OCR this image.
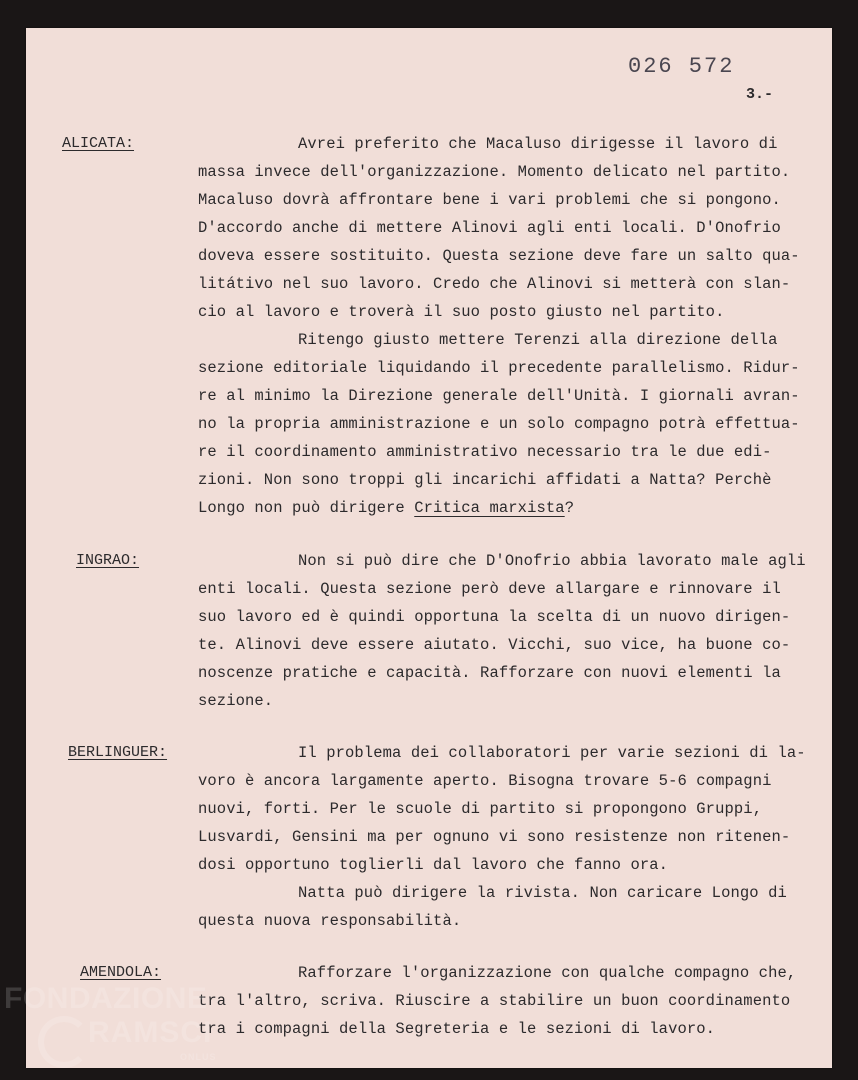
026 572
3.-
ALICATA:	Avrei preferito che Macaluso dirigesse il lavoro di
massa invece dell'organizzazione. Momento delicato nel partito.
Macaluso dovrà affrontare bene i vari problemi che si pongono.
D'accordo anche di mettere Alinovi agli enti locali. D'Onofrio
doveva essere sostituito. Questa sezione deve fare un salto qua-
litátivo nel suo lavoro. Credo che Alinovi si metterà con slan-
cio al lavoro e troverà il suo posto giusto nel partito.
Ritengo giusto mettere Terenzi alla direzione della
sezione editoriale liquidando il precedente parallelismo. Ridur-
re al minimo la Direzione generale dell'Unità. I giornali avran-
no la propria amministrazione e un solo compagno potrà effettua-
re il coordinamento amministrativo necessario tra le due edi-
zioni. Non sono troppi gli incarichi affidati a Natta? Perchè
Longo non può dirigere Critica marxista?
INGRAO:	Non si può dire che D'Onofrio abbia lavorato male agli
enti locali. Questa sezione però deve allargare e rinnovare il
suo lavoro ed è quindi opportuna la scelta di un nuovo dirigen-
te. Alinovi deve essere aiutato. Vicchi, suo vice, ha buone co-
noscenze pratiche e capacità. Rafforzare con nuovi elementi la
sezione.
BERLINGUER:	Il problema dei collaboratori per varie sezioni di la-
voro è ancora largamente aperto. Bisogna trovare 5-6 compagni
nuovi, forti. Per le scuole di partito si propongono Gruppi,
Lusvardi, Gensini ma per ognuno vi sono resistenze non ritenen-
dosi opportuno toglierli dal lavoro che fanno ora.
Natta può dirigere la rivista. Non caricare Longo di
questa nuova responsabilità.
AMENDOLA:	Rafforzare l'organizzazione con qualche compagno che,
tra l'altro, scriva. Riuscire a stabilire un buon coordinamento
tra i compagni della Segreteria e le sezioni di lavoro.
FONDAZIONE
RAMSCI
ONLUS
